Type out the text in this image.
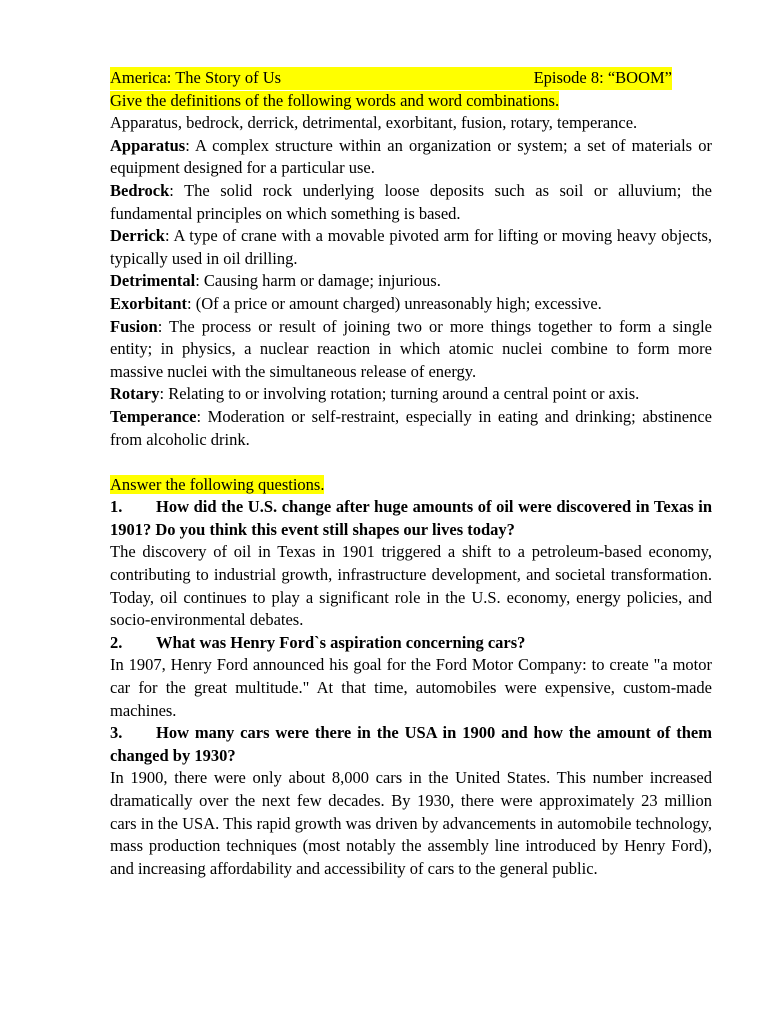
America: The Story of Us	Episode 8: “BOOM”

Give the definitions of the following words and word combinations.

Apparatus, bedrock, derrick, detrimental, exorbitant, fusion, rotary, temperance.

Apparatus: A complex structure within an organization or system; a set of materials or equipment designed for a particular use.

Bedrock: The solid rock underlying loose deposits such as soil or alluvium; the fundamental principles on which something is based.

Derrick: A type of crane with a movable pivoted arm for lifting or moving heavy objects, typically used in oil drilling.

Detrimental: Causing harm or damage; injurious.

Exorbitant: (Of a price or amount charged) unreasonably high; excessive.

Fusion: The process or result of joining two or more things together to form a single entity; in physics, a nuclear reaction in which atomic nuclei combine to form more massive nuclei with the simultaneous release of energy.

Rotary: Relating to or involving rotation; turning around a central point or axis.

Temperance: Moderation or self-restraint, especially in eating and drinking; abstinence from alcoholic drink.

Answer the following questions.

1. How did the U.S. change after huge amounts of oil were discovered in Texas in 1901? Do you think this event still shapes our lives today?

The discovery of oil in Texas in 1901 triggered a shift to a petroleum-based economy, contributing to industrial growth, infrastructure development, and societal transformation. Today, oil continues to play a significant role in the U.S. economy, energy policies, and socio-environmental debates.

2. What was Henry Ford`s aspiration concerning cars?

In 1907, Henry Ford announced his goal for the Ford Motor Company: to create "a motor car for the great multitude." At that time, automobiles were expensive, custom-made machines.

3. How many cars were there in the USA in 1900 and how the amount of them changed by 1930?

In 1900, there were only about 8,000 cars in the United States. This number increased dramatically over the next few decades. By 1930, there were approximately 23 million cars in the USA. This rapid growth was driven by advancements in automobile technology, mass production techniques (most notably the assembly line introduced by Henry Ford), and increasing affordability and accessibility of cars to the general public.
